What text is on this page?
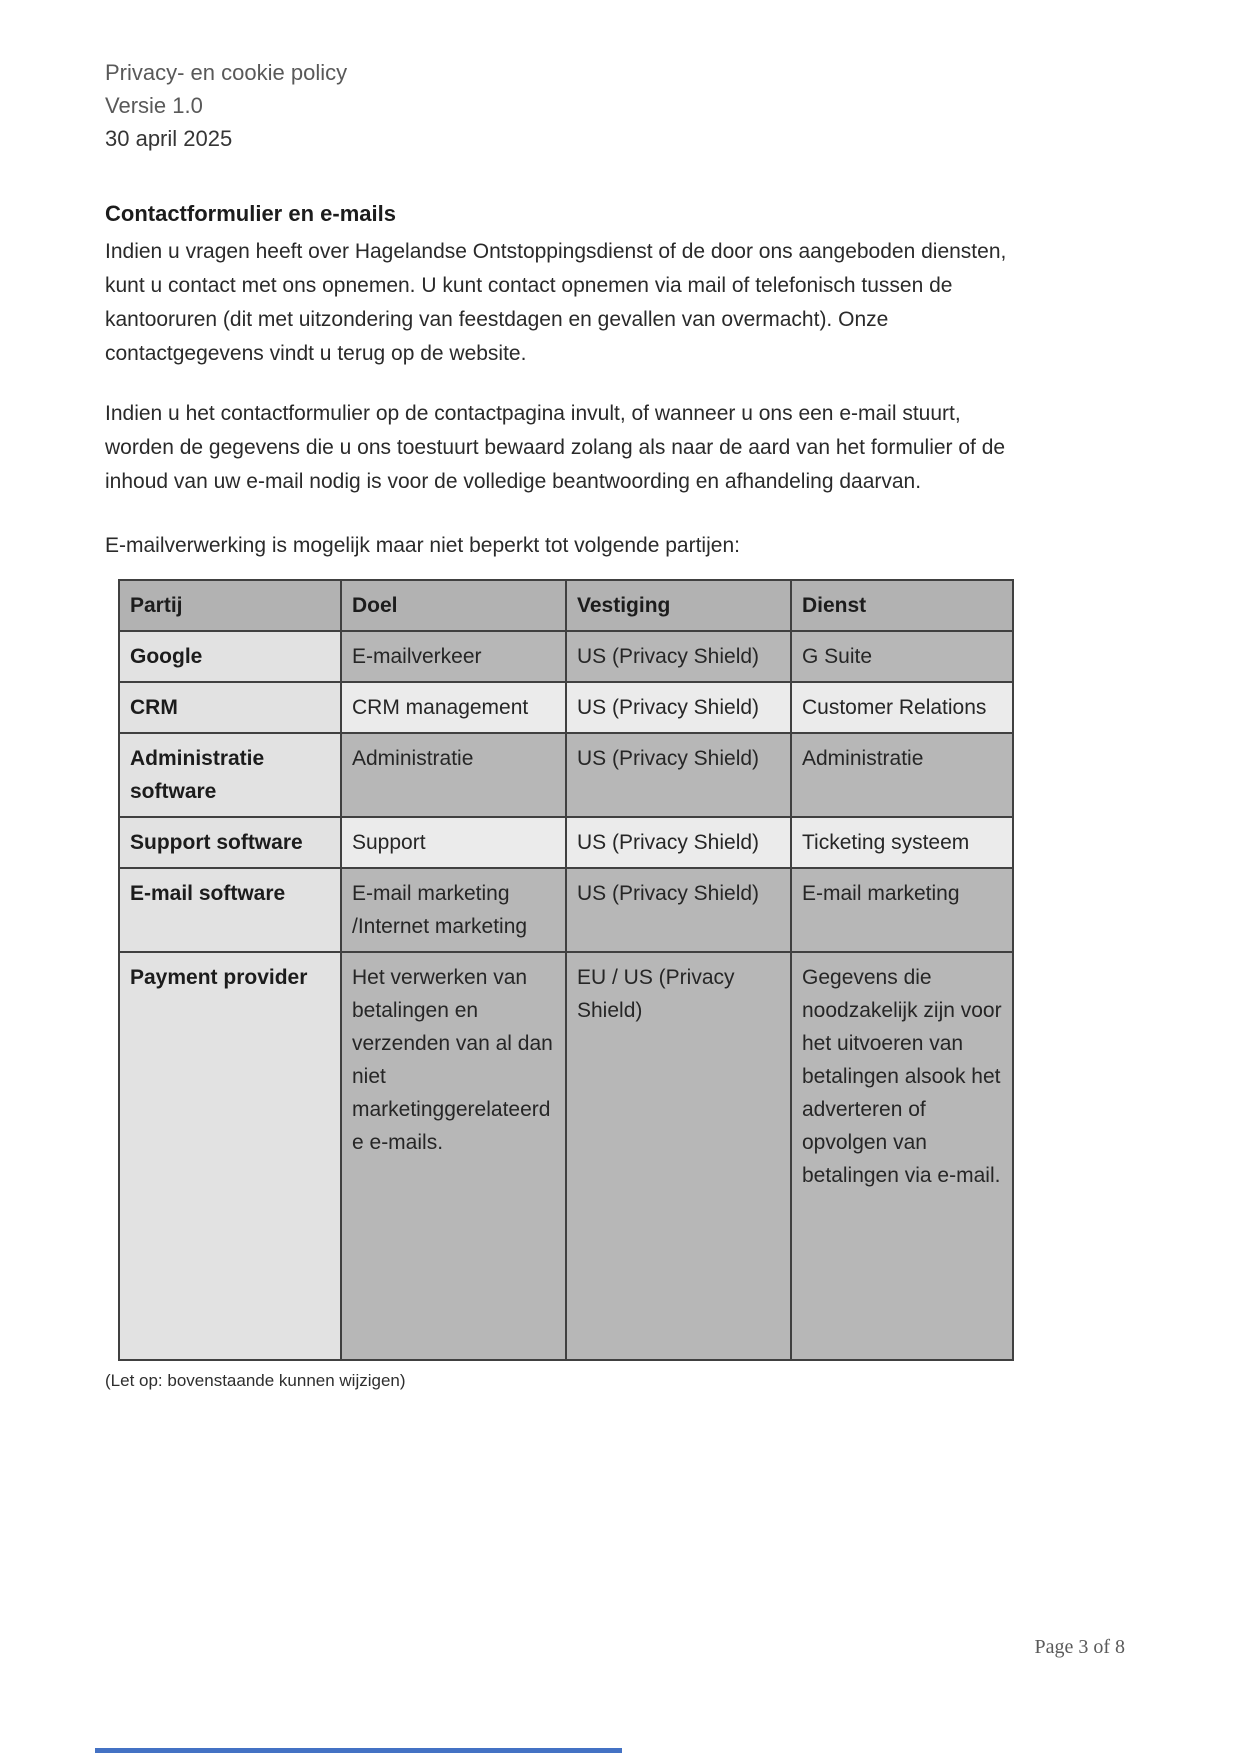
Privacy- en cookie policy
Versie 1.0
30 april 2025
Contactformulier en e-mails

Indien u vragen heeft over Hagelandse Ontstoppingsdienst of de door ons aangeboden diensten, kunt u contact met ons opnemen. U kunt contact opnemen via mail of telefonisch tussen de kantooruren (dit met uitzondering van feestdagen en gevallen van overmacht). Onze contactgegevens vindt u terug op de website.

Indien u het contactformulier op de contactpagina invult, of wanneer u ons een e-mail stuurt, worden de gegevens die u ons toestuurt bewaard zolang als naar de aard van het formulier of de inhoud van uw e-mail nodig is voor de volledige beantwoording en afhandeling daarvan.

E-mailverwerking is mogelijk maar niet beperkt tot volgende partijen:

Partij	Doel	Vestiging	Dienst
Google	E-mailverkeer	US (Privacy Shield)	G Suite
CRM	CRM management	US (Privacy Shield)	Customer Relations
Administratie software	Administratie	US (Privacy Shield)	Administratie
Support software	Support	US (Privacy Shield)	Ticketing systeem
E-mail software	E-mail marketing /Internet marketing	US (Privacy Shield)	E-mail marketing
Payment provider	Het verwerken van betalingen en verzenden van al dan niet marketinggerelateerde e-mails.	EU / US (Privacy Shield)	Gegevens die noodzakelijk zijn voor het uitvoeren van betalingen alsook het adverteren of opvolgen van betalingen via e-mail.

(Let op: bovenstaande kunnen wijzigen)

Page 3 of 8
